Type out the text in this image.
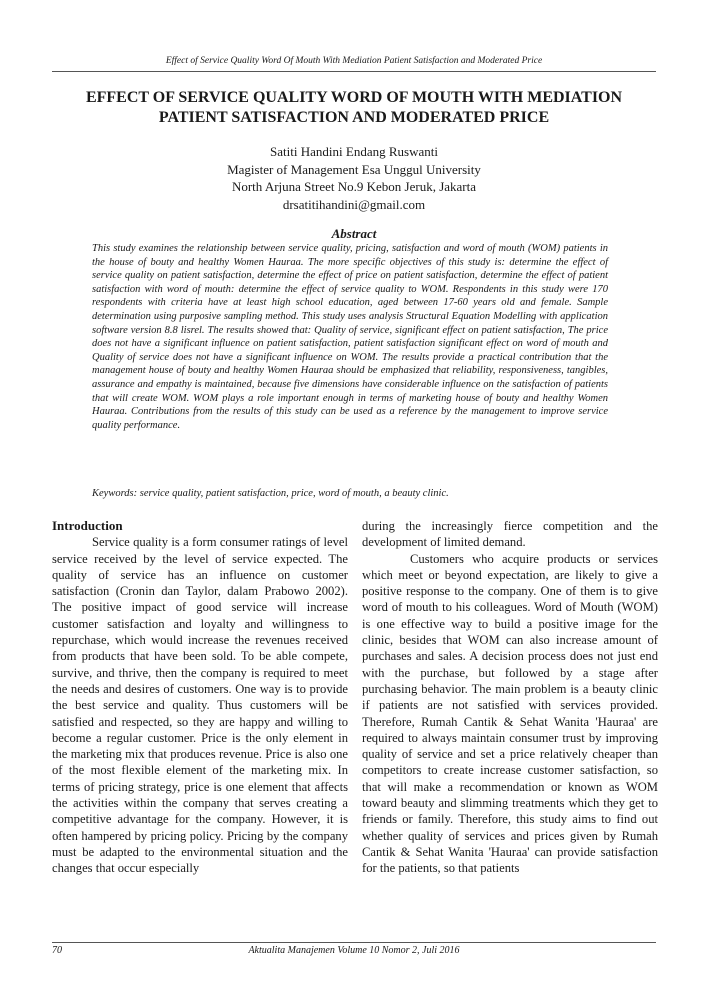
Effect of Service Quality Word Of Mouth With Mediation Patient Satisfaction and Moderated Price
EFFECT OF SERVICE QUALITY WORD OF MOUTH WITH MEDIATION
PATIENT SATISFACTION AND MODERATED PRICE
Satiti Handini Endang Ruswanti
Magister of Management Esa Unggul University
North Arjuna Street No.9 Kebon Jeruk, Jakarta
drsatitihandini@gmail.com
Abstract
This study examines the relationship between service quality, pricing, satisfaction and word of mouth (WOM) patients in the house of bouty and healthy Women Hauraa. The more specific objectives of this study is: determine the effect of service quality on patient satisfaction, determine the effect of price on patient satisfaction, determine the effect of patient satisfaction with word of mouth: determine the effect of service quality to WOM. Respondents in this study were 170 respondents with criteria have at least high school education, aged between 17-60 years old and female. Sample determination using purposive sampling method. This study uses analysis Structural Equation Modelling with application software version 8.8 lisrel. The results showed that: Quality of service, significant effect on patient satisfaction, The price does not have a significant influence on patient satisfaction, patient satisfaction significant effect on word of mouth and Quality of service does not have a significant influence on WOM. The results provide a practical contribution that the management house of bouty and healthy Women Hauraa should be emphasized that reliability, responsiveness, tangibles, assurance and empathy is maintained, because five dimensions have considerable influence on the satisfaction of patients that will create WOM. WOM plays a role important enough in terms of marketing house of bouty and healthy Women Hauraa. Contributions from the results of this study can be used as a reference by the management to improve service quality performance.
Keywords: service quality, patient satisfaction, price, word of mouth, a beauty clinic.
Introduction

Service quality is a form consumer ratings of level service received by the level of service expected. The quality of service has an influence on customer satisfaction (Cronin dan Taylor, dalam Prabowo 2002). The positive impact of good service will increase customer satisfaction and loyalty and willingness to repurchase, which would increase the revenues received from products that have been sold. To be able compete, survive, and thrive, then the company is required to meet the needs and desires of customers. One way is to provide the best service and quality. Thus customers will be satisfied and respected, so they are happy and willing to become a regular customer. Price is the only element in the marketing mix that produces revenue. Price is also one of the most flexible element of the marketing mix. In terms of pricing strategy, price is one element that affects the activities within the company that serves creating a competitive advantage for the company. However, it is often hampered by pricing policy. Pricing by the company must be adapted to the environmental situation and the changes that occur especially

during the increasingly fierce competition and the development of limited demand.

Customers who acquire products or services which meet or beyond expectation, are likely to give a positive response to the company. One of them is to give word of mouth to his colleagues. Word of Mouth (WOM) is one effective way to build a positive image for the clinic, besides that WOM can also increase amount of purchases and sales. A decision process does not just end with the purchase, but followed by a stage after purchasing behavior. The main problem is a beauty clinic if patients are not satisfied with services provided. Therefore, Rumah Cantik & Sehat Wanita 'Hauraa' are required to always maintain consumer trust by improving quality of service and set a price relatively cheaper than competitors to create increase customer satisfaction, so that will make a recommendation or known as WOM toward beauty and slimming treatments which they get to friends or family. Therefore, this study aims to find out whether quality of services and prices given by Rumah Cantik & Sehat Wanita 'Hauraa' can provide satisfaction for the patients, so that patients

70	Aktualita Manajemen Volume 10 Nomor 2, Juli 2016
